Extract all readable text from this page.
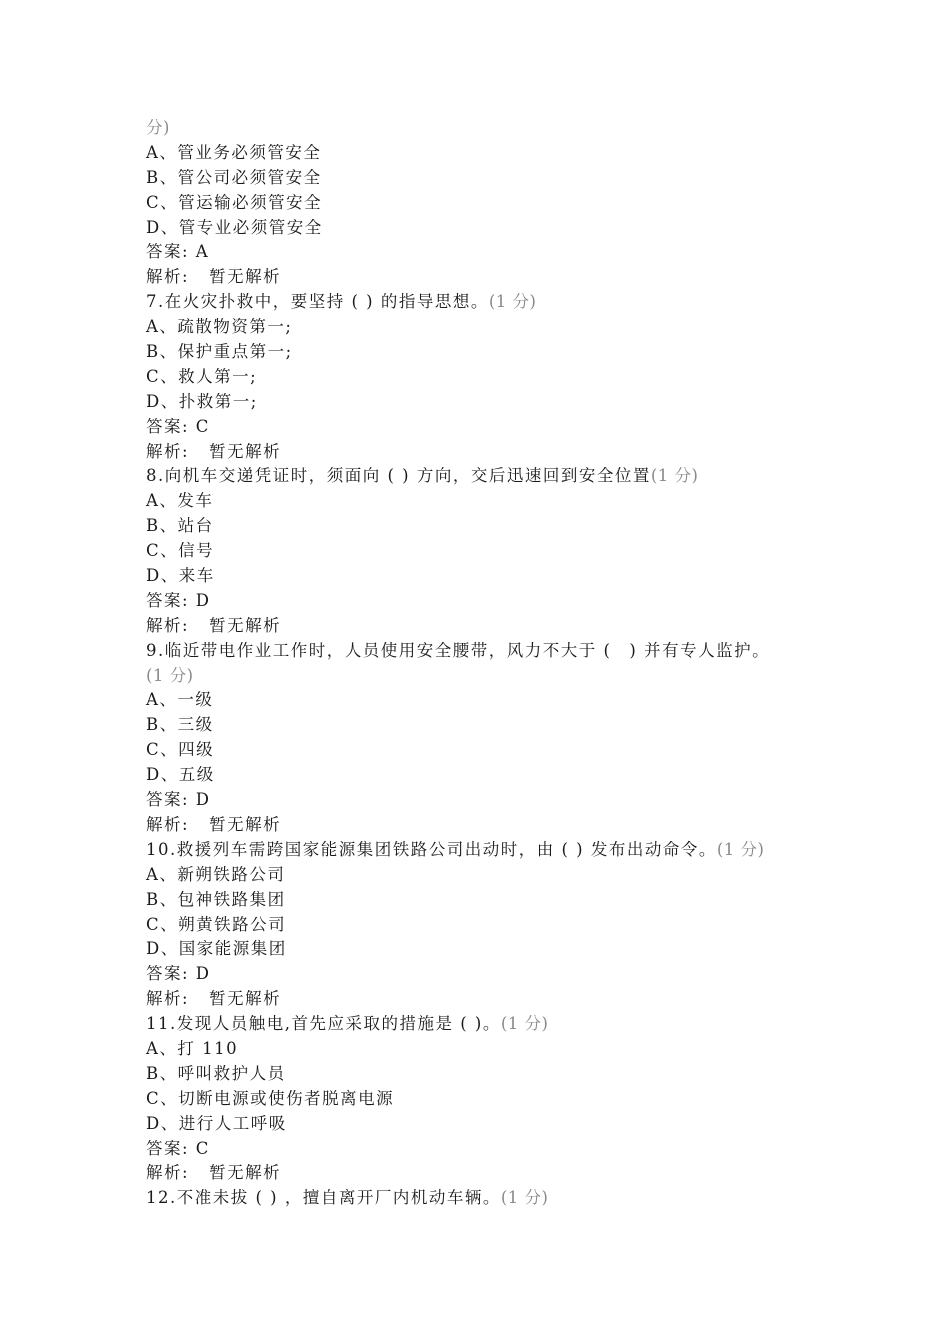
分)
A、管业务必须管安全
B、管公司必须管安全
C、管运输必须管安全
D、管专业必须管安全
答案: A
解析: 暂无解析
7.在火灾扑救中，要坚持 ( ) 的指导思想。(1 分)
A、疏散物资第一;
B、保护重点第一;
C、救人第一;
D、扑救第一;
答案: C
解析: 暂无解析
8.向机车交递凭证时，须面向 ( ) 方向，交后迅速回到安全位置(1 分)
A、发车
B、站台
C、信号
D、来车
答案: D
解析: 暂无解析
9.临近带电作业工作时，人员使用安全腰带，风力不大于 (　) 并有专人监护。
(1 分)
A、一级
B、三级
C、四级
D、五级
答案: D
解析: 暂无解析
10.救援列车需跨国家能源集团铁路公司出动时，由 ( ) 发布出动命令。(1 分)
A、新朔铁路公司
B、包神铁路集团
C、朔黄铁路公司
D、国家能源集团
答案: D
解析: 暂无解析
11.发现人员触电,首先应采取的措施是 ( )。(1 分)
A、打 110
B、呼叫救护人员
C、切断电源或使伤者脱离电源
D、进行人工呼吸
答案: C
解析: 暂无解析
12.不准未拔 ( ) ，擅自离开厂内机动车辆。(1 分)
